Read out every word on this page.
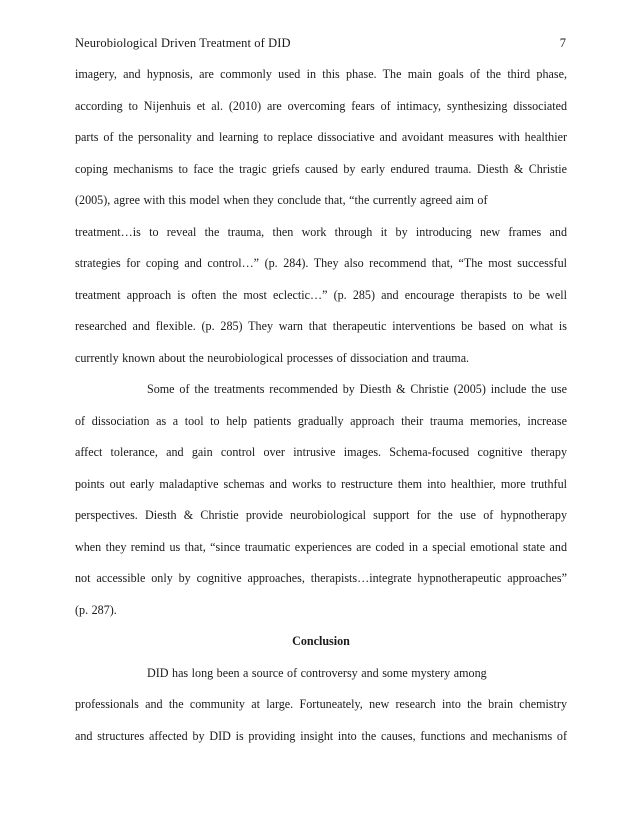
Neurobiological Driven Treatment of DID	7
imagery, and hypnosis, are commonly used in this phase. The main goals of the third phase,
according to Nijenhuis et al. (2010) are overcoming fears of intimacy, synthesizing dissociated
parts of the personality and learning to replace dissociative and avoidant measures with healthier
coping mechanisms to face the tragic griefs caused by early endured trauma. Diesth & Christie
(2005), agree with this model when they conclude that, “the currently agreed aim of
treatment…is to reveal the trauma, then work through it by introducing new frames and
strategies for coping and control…” (p. 284). They also recommend that, “The most successful
treatment approach is often the most eclectic…” (p. 285) and encourage therapists to be well
researched and flexible. (p. 285) They warn that therapeutic interventions be based on what is
currently known about the neurobiological processes of dissociation and trauma.
Some of the treatments recommended by Diesth & Christie (2005) include the use
of dissociation as a tool to help patients gradually approach their trauma memories, increase
affect tolerance, and gain control over intrusive images. Schema-focused cognitive therapy
points out early maladaptive schemas and works to restructure them into healthier, more truthful
perspectives. Diesth & Christie provide neurobiological support for the use of hypnotherapy
when they remind us that, “since traumatic experiences are coded in a special emotional state and
not accessible only by cognitive approaches, therapists…integrate hypnotherapeutic approaches”
(p. 287).
Conclusion
DID has long been a source of controversy and some mystery among
professionals and the community at large. Fortuneately, new research into the brain chemistry
and structures affected by DID is providing insight into the causes, functions and mechanisms of
